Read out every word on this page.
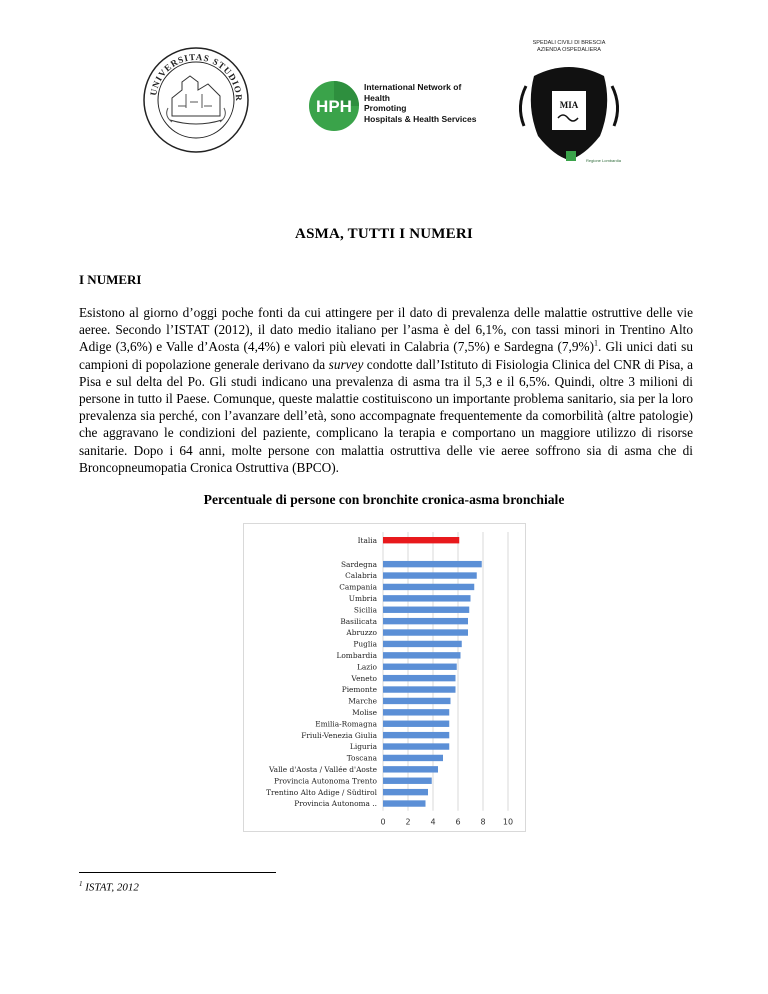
UNIVERSITAS STUDIOR	HPH
International Network of
Health
Promoting
Hospitals & Health Services
SPEDALI CIVILI DI BRESCIA
AZIENDA OSPEDALIERA
MIA
Regione Lombardia
ASMA, TUTTI I NUMERI
I NUMERI
Esistono al giorno d’oggi poche fonti da cui attingere per il dato di prevalenza delle malattie ostruttive delle vie aeree. Secondo l’ISTAT (2012), il dato medio italiano per l’asma è del 6,1%, con tassi minori in Trentino Alto Adige (3,6%) e Valle d’Aosta (4,4%) e valori più elevati in Calabria (7,5%) e Sardegna $(7,9\%)^1$. Gli unici dati su campioni di popolazione generale derivano da survey condotte dall’Istituto di Fisiologia Clinica del CNR di Pisa, a Pisa e sul delta del Po. Gli studi indicano una prevalenza di asma tra il 5,3 e il 6,5%. Quindi, oltre 3 milioni di persone in tutto il Paese. Comunque, queste malattie costituiscono un importante problema sanitario, sia per la loro prevalenza sia perché, con l’avanzare dell’età, sono accompagnate frequentemente da comorbilità (altre patologie) che aggravano le condizioni del paziente, complicano la terapia e comportano un maggiore utilizzo di risorse sanitarie. Dopo i 64 anni, molte persone con malattia ostruttiva delle vie aeree soffrono sia di asma che di Broncopneumopatia Cronica Ostruttiva (BPCO).
Percentuale di persone con bronchite cronica-asma bronchiale
0 2 4 6 8 10
Italia
Sardegna
Calabria
Campania
Umbria
Sicilia
Basilicata
Abruzzo
Puglia
Lombardia
Lazio
Veneto
Piemonte
Marche
Molise
Emilia-Romagna
Friuli-Venezia Giulia
Liguria
Toscana
Valle d'Aosta / Vallée d'Aoste
Provincia Autonoma Trento
Trentino Alto Adige / Südtirol
Provincia Autonoma ..
$^1$ ISTAT, 2012
